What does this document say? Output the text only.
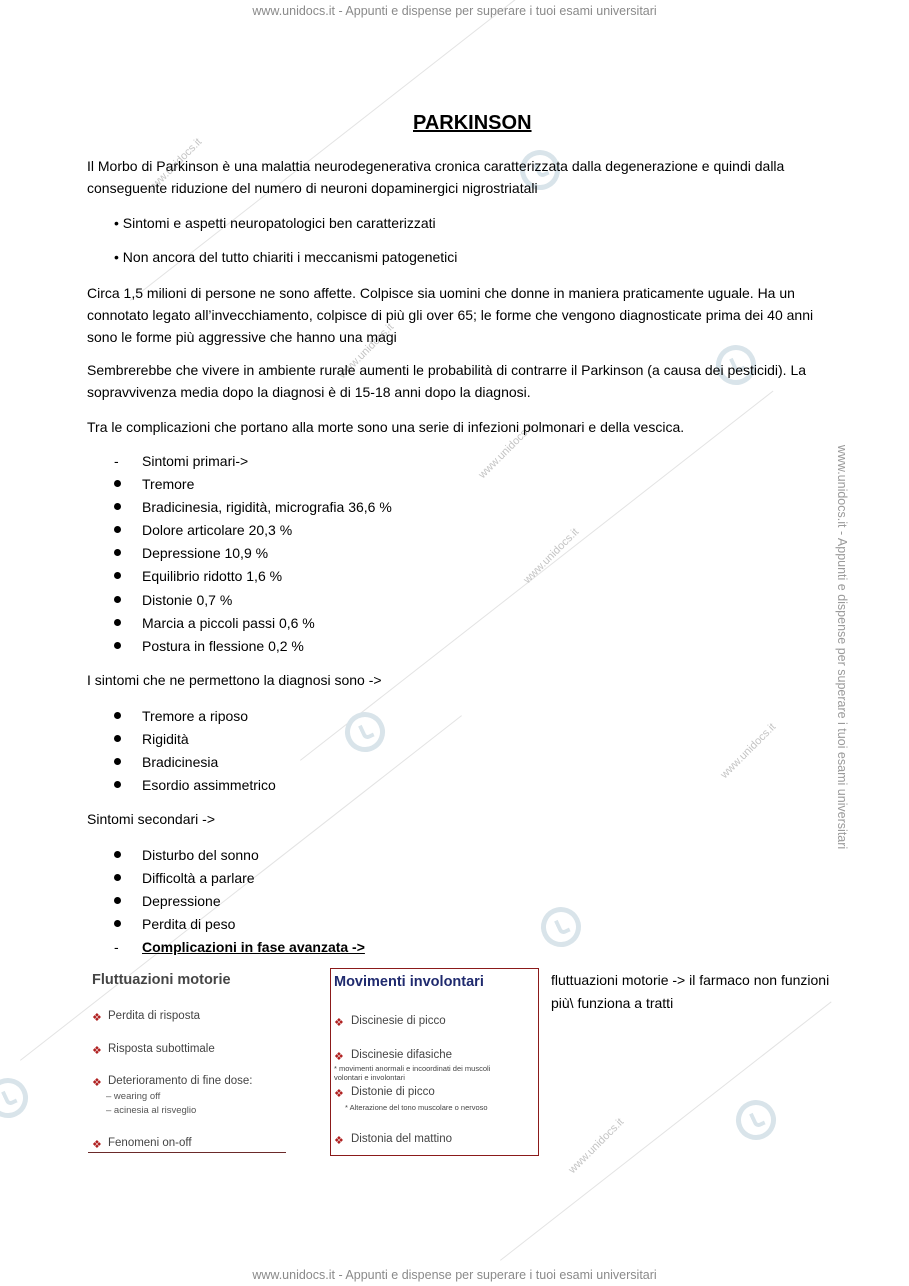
www.unidocs.it
www.unidocs.it
www.unidocs.it
www.unidocs.it
www.unidocs.it
www.unidocs.it
www.unidocs.it - Appunti e dispense per superare i tuoi esami universitari
www.unidocs.it - Appunti e dispense per superare i tuoi esami universitari
www.unidocs.it - Appunti e dispense per superare i tuoi esami universitari
PARKINSON
Il Morbo di Parkinson è una malattia neurodegenerativa cronica caratterizzata dalla degenerazione e quindi dalla conseguente riduzione del numero di neuroni dopaminergici nigrostriatali
• Sintomi e aspetti neuropatologici ben caratterizzati
• Non ancora del tutto chiariti i meccanismi patogenetici
Circa 1,5 milioni di persone ne sono affette. Colpisce sia uomini che donne in maniera praticamente uguale. Ha un connotato legato all’invecchiamento, colpisce di più gli over 65; le forme che vengono diagnosticate prima dei 40 anni sono le forme più aggressive che hanno una magi
Sembrerebbe che vivere in ambiente rurale aumenti le probabilità di contrarre il Parkinson (a causa dei pesticidi). La sopravvivenza media dopo la diagnosi è di 15-18 anni dopo la diagnosi.
Tra le complicazioni che portano alla morte sono una serie di infezioni polmonari e della vescica.
- Sintomi primari->
Tremore
Bradicinesia, rigidità, micrografia 36,6 %
Dolore articolare 20,3 %
Depressione 10,9 %
Equilibrio ridotto 1,6 %
Distonie 0,7 %
Marcia a piccoli passi 0,6 %
Postura in flessione 0,2 %
I sintomi che ne permettono la diagnosi sono ->
Tremore a riposo
Rigidità
Bradicinesia
Esordio assimmetrico
Sintomi secondari ->
Disturbo del sonno
Difficoltà a parlare
Depressione
Perdita di peso
- Complicazioni in fase avanzata ->
Fluttuazioni motorie
❖ Perdita di risposta
❖ Risposta subottimale
❖ Deterioramento di fine dose:
– wearing off
– acinesia al risveglio
❖ Fenomeni on-off
Movimenti involontari
❖ Discinesie di picco
❖ Discinesie difasiche
* movimenti anormali e incoordinati dei muscoli
volontari e involontari
❖ Distonie di picco
* Alterazione del tono muscolare o nervoso
❖ Distonia del mattino
fluttuazioni motorie -> il farmaco non funzioni più\ funziona a tratti
